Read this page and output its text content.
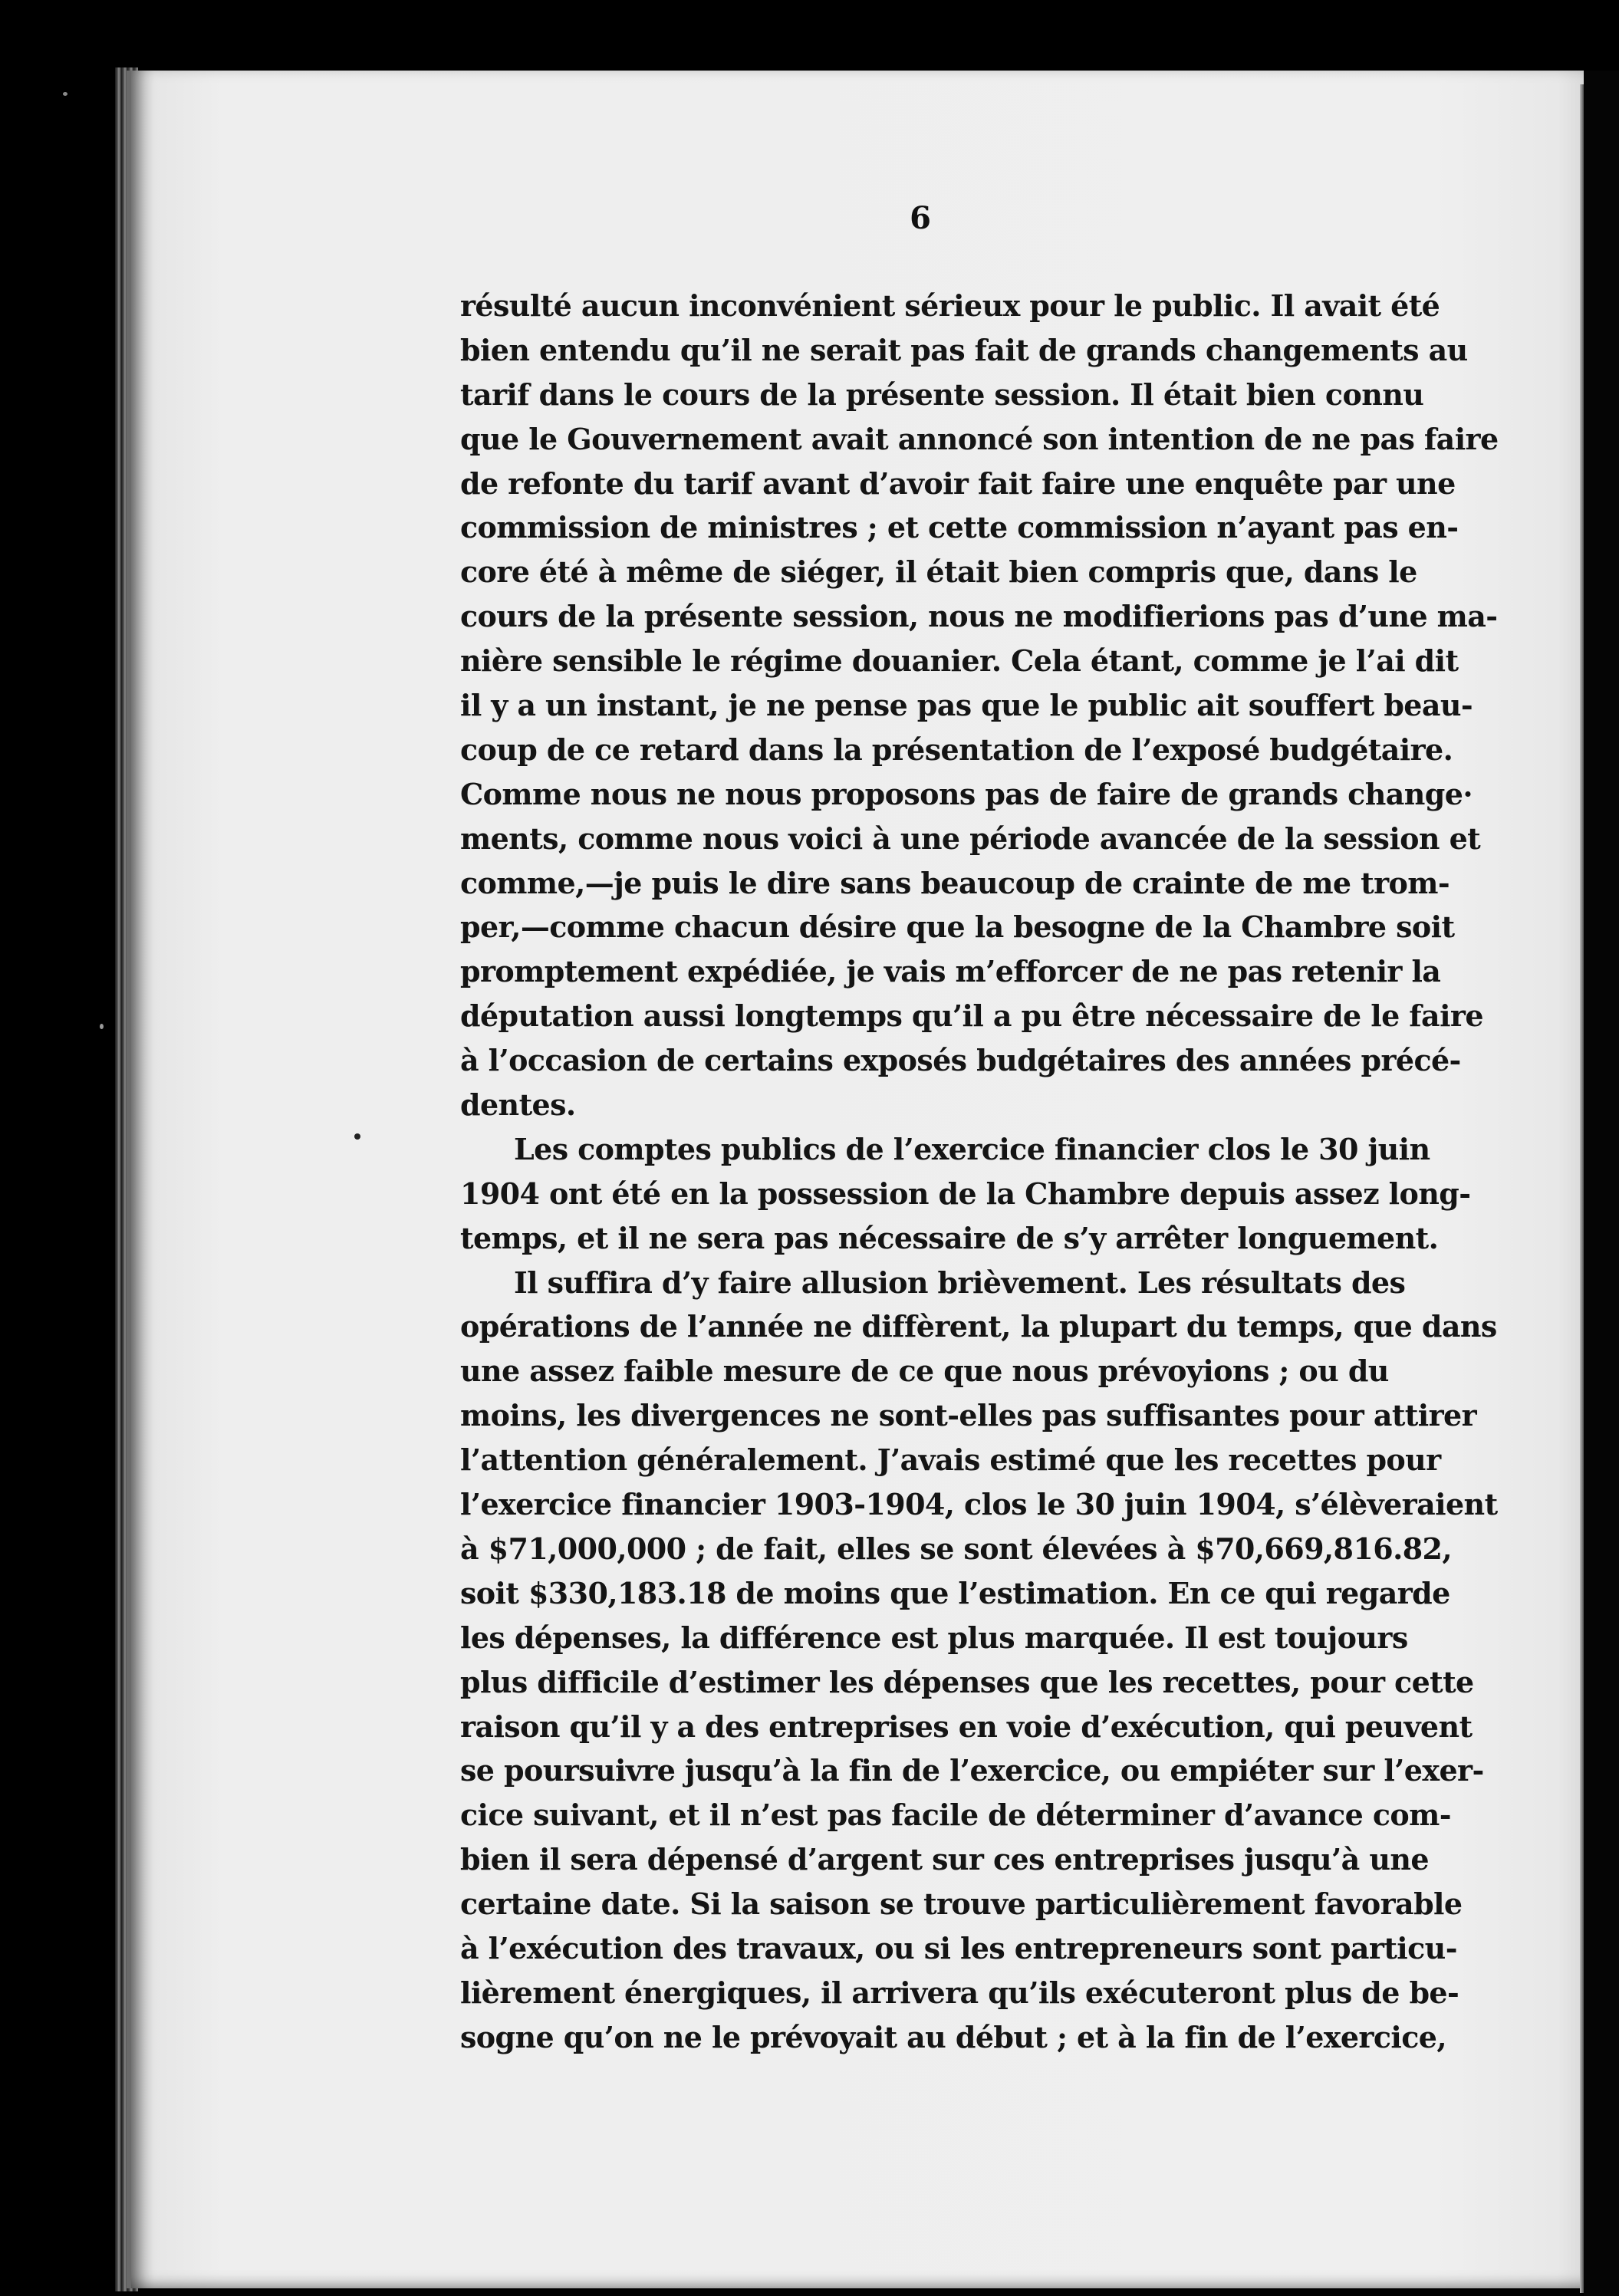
6
résulté aucun inconvénient sérieux pour le public. Il avait été
bien entendu qu’il ne serait pas fait de grands changements au
tarif dans le cours de la présente session. Il était bien connu
que le Gouvernement avait annoncé son intention de ne pas faire
de refonte du tarif avant d’avoir fait faire une enquête par une
commission de ministres ; et cette commission n’ayant pas en-
core été à même de siéger, il était bien compris que, dans le
cours de la présente session, nous ne modifierions pas d’une ma-
nière sensible le régime douanier. Cela étant, comme je l’ai dit
il y a un instant, je ne pense pas que le public ait souffert beau-
coup de ce retard dans la présentation de l’exposé budgétaire.
Comme nous ne nous proposons pas de faire de grands change·
ments, comme nous voici à une période avancée de la session et
comme,—je puis le dire sans beaucoup de crainte de me trom-
per,—comme chacun désire que la besogne de la Chambre soit
promptement expédiée, je vais m’efforcer de ne pas retenir la
députation aussi longtemps qu’il a pu être nécessaire de le faire
à l’occasion de certains exposés budgétaires des années précé-
dentes.
Les comptes publics de l’exercice financier clos le 30 juin
1904 ont été en la possession de la Chambre depuis assez long-
temps, et il ne sera pas nécessaire de s’y arrêter longuement.
Il suffira d’y faire allusion brièvement. Les résultats des
opérations de l’année ne diffèrent, la plupart du temps, que dans
une assez faible mesure de ce que nous prévoyions ; ou du
moins, les divergences ne sont-elles pas suffisantes pour attirer
l’attention généralement. J’avais estimé que les recettes pour
l’exercice financier 1903-1904, clos le 30 juin 1904, s’élèveraient
à $71,000,000 ; de fait, elles se sont élevées à $70,669,816.82,
soit $330,183.18 de moins que l’estimation. En ce qui regarde
les dépenses, la différence est plus marquée. Il est toujours
plus difficile d’estimer les dépenses que les recettes, pour cette
raison qu’il y a des entreprises en voie d’exécution, qui peuvent
se poursuivre jusqu’à la fin de l’exercice, ou empiéter sur l’exer-
cice suivant, et il n’est pas facile de déterminer d’avance com-
bien il sera dépensé d’argent sur ces entreprises jusqu’à une
certaine date. Si la saison se trouve particulièrement favorable
à l’exécution des travaux, ou si les entrepreneurs sont particu-
lièrement énergiques, il arrivera qu’ils exécuteront plus de be-
sogne qu’on ne le prévoyait au début ; et à la fin de l’exercice,
